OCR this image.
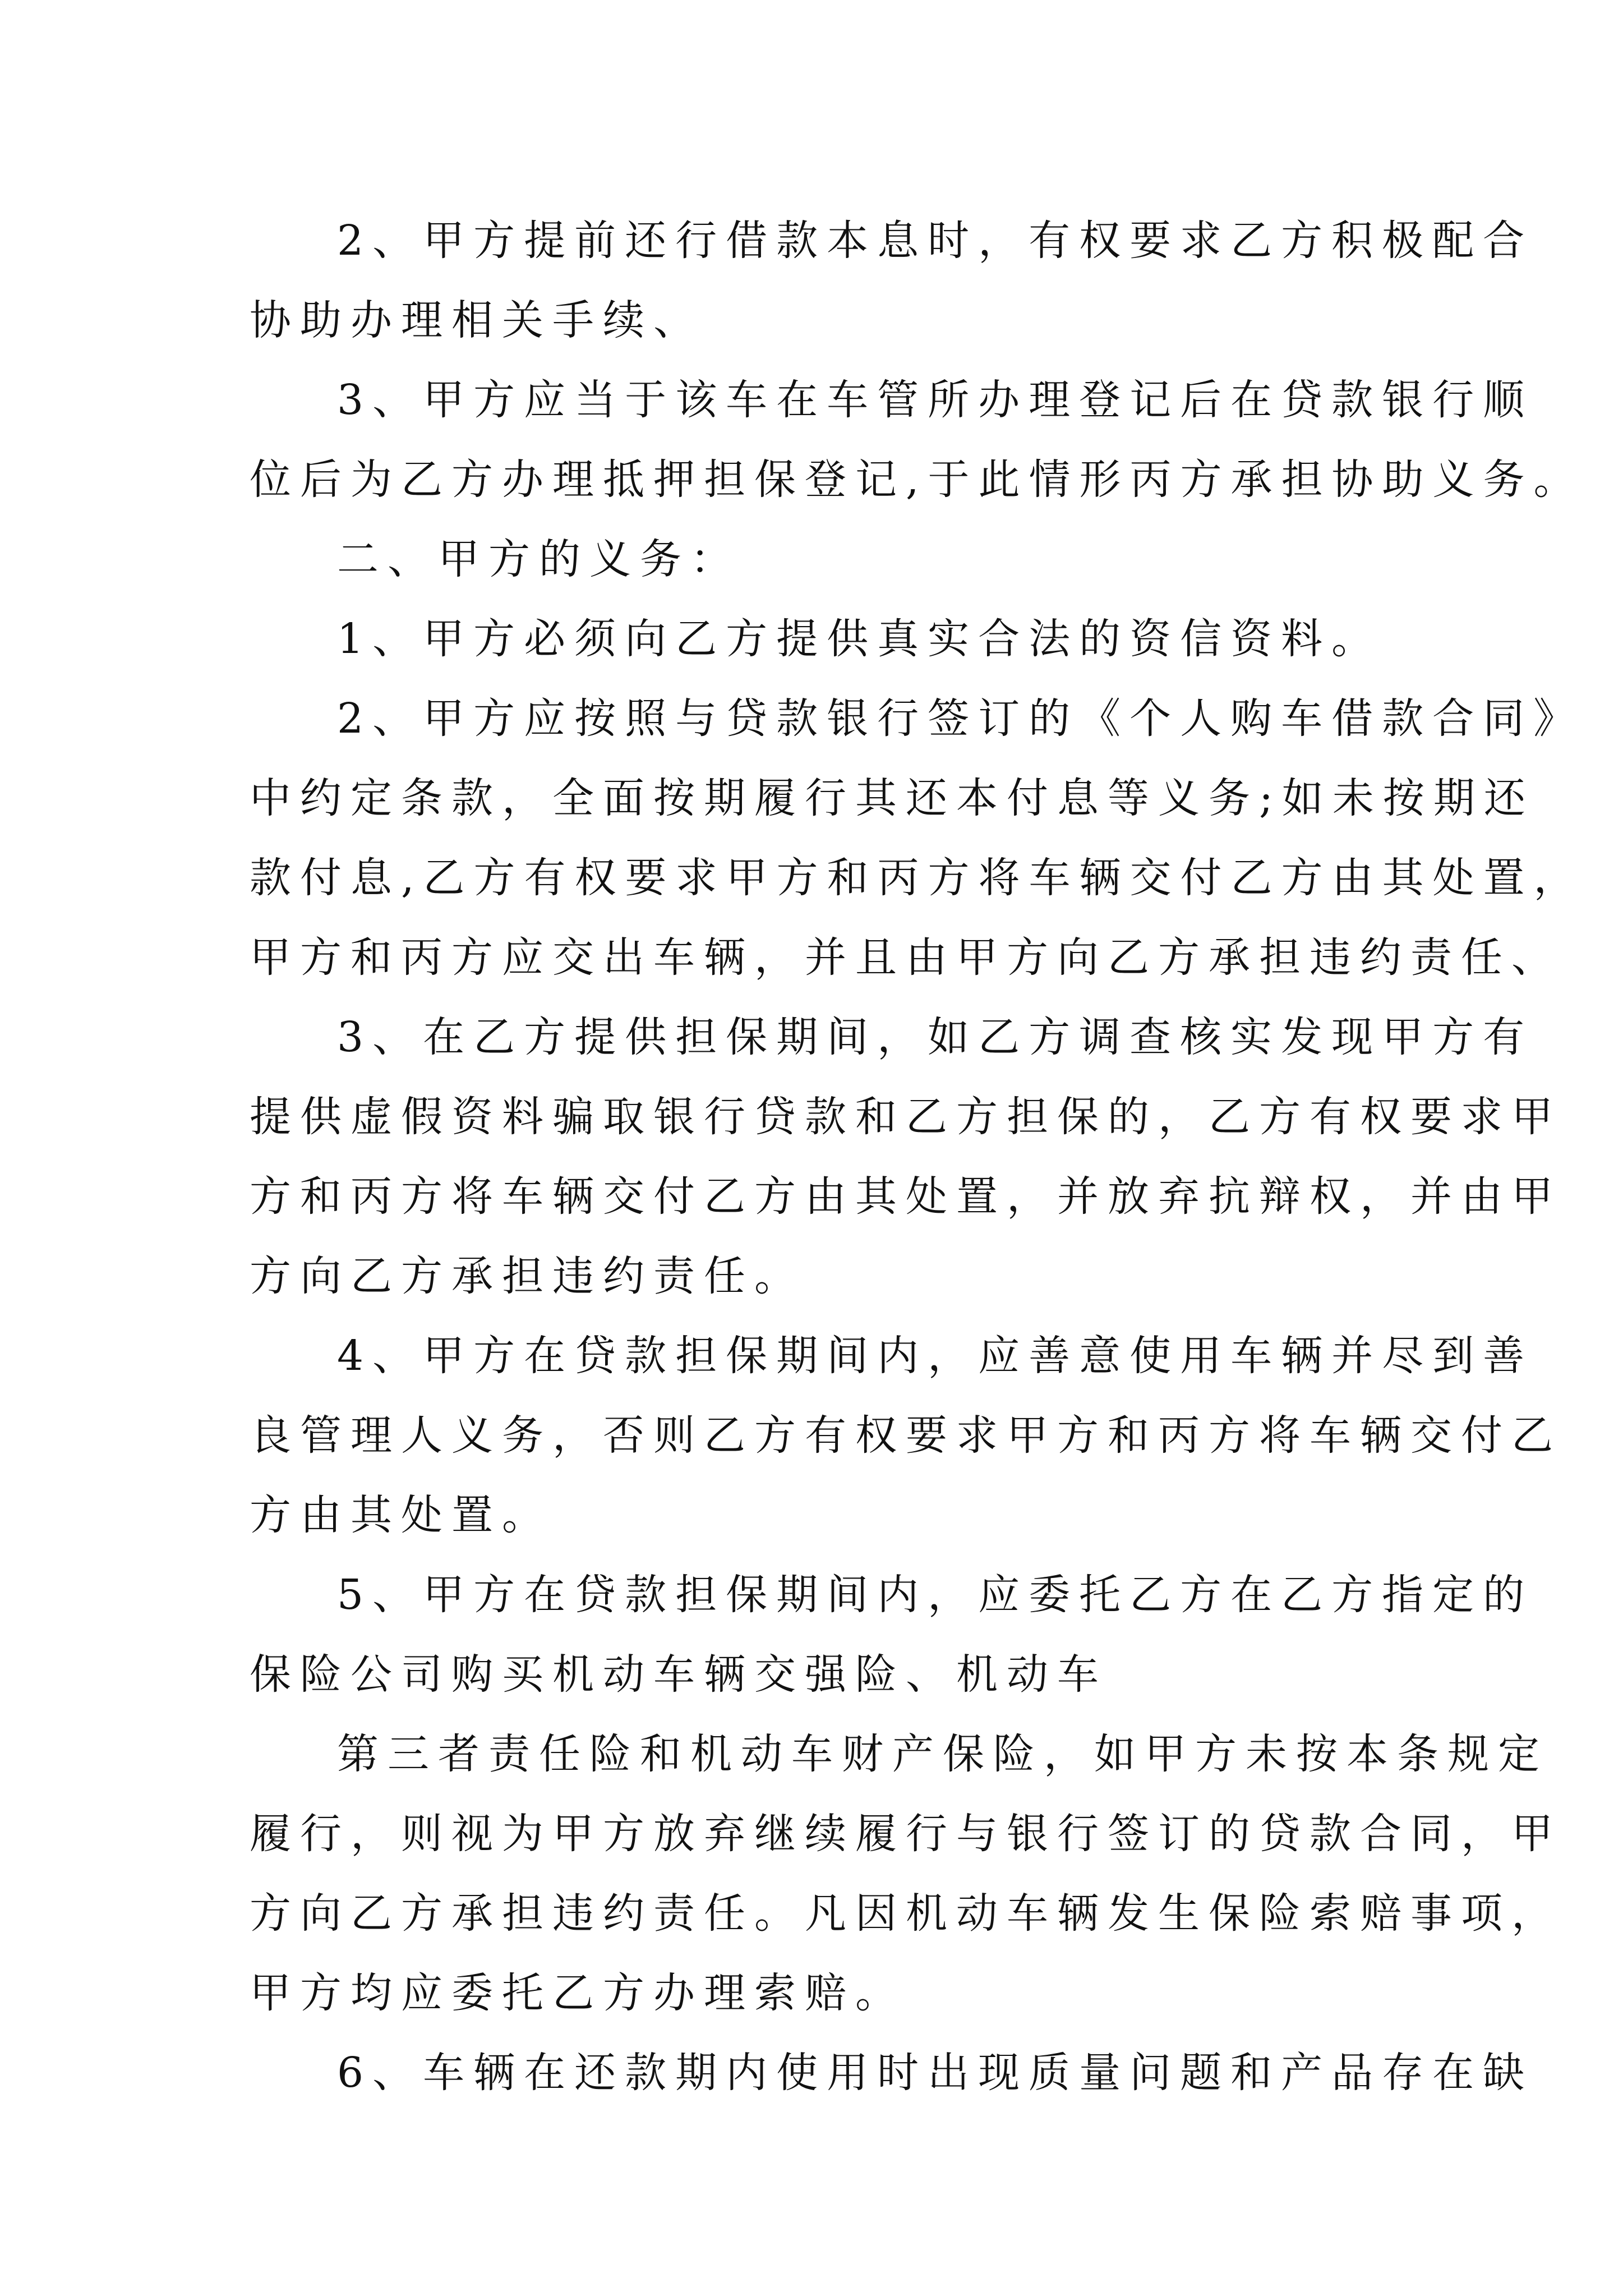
2、甲方提前还行借款本息时，有权要求乙方积极配合
协助办理相关手续、
3、甲方应当于该车在车管所办理登记后在贷款银行顺
位后为乙方办理抵押担保登记,于此情形丙方承担协助义务。
二、甲方的义务：
1、甲方必须向乙方提供真实合法的资信资料。
2、甲方应按照与贷款银行签订的《个人购车借款合同》
中约定条款，全面按期履行其还本付息等义务;如未按期还
款付息,乙方有权要求甲方和丙方将车辆交付乙方由其处置，
甲方和丙方应交出车辆，并且由甲方向乙方承担违约责任、
3、在乙方提供担保期间，如乙方调查核实发现甲方有
提供虚假资料骗取银行贷款和乙方担保的，乙方有权要求甲
方和丙方将车辆交付乙方由其处置，并放弃抗辩权，并由甲
方向乙方承担违约责任。
4、甲方在贷款担保期间内，应善意使用车辆并尽到善
良管理人义务，否则乙方有权要求甲方和丙方将车辆交付乙
方由其处置。
5、甲方在贷款担保期间内，应委托乙方在乙方指定的
保险公司购买机动车辆交强险、机动车
第三者责任险和机动车财产保险，如甲方未按本条规定
履行，则视为甲方放弃继续履行与银行签订的贷款合同，甲
方向乙方承担违约责任。凡因机动车辆发生保险索赔事项，
甲方均应委托乙方办理索赔。
6、车辆在还款期内使用时出现质量问题和产品存在缺
